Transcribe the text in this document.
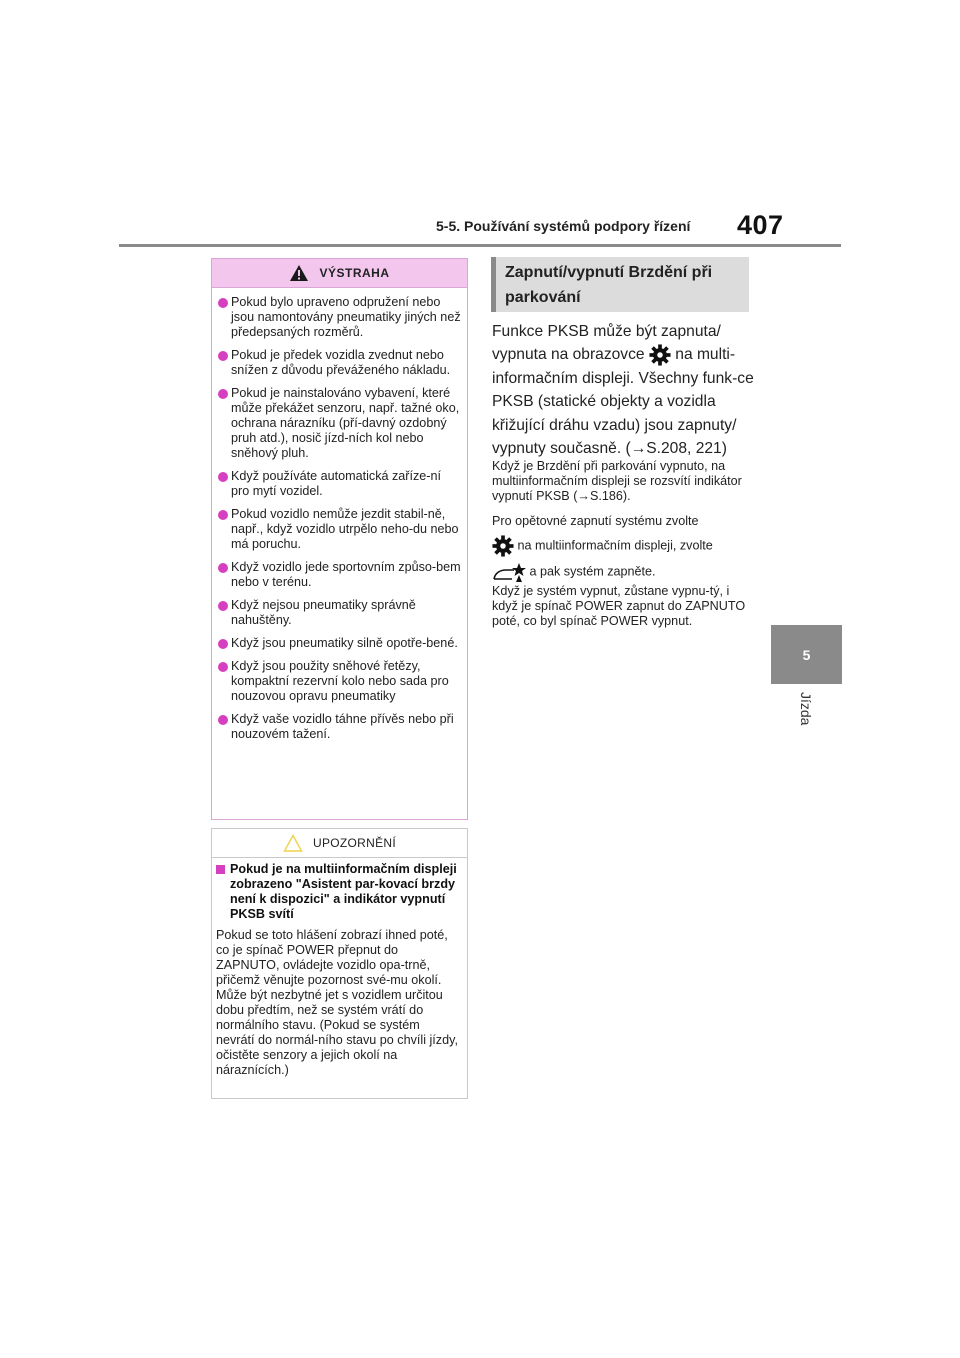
5-5. Používání systémů podpory řízení	407
5
Jízda
VÝSTRAHA
Pokud bylo upraveno odpružení nebo jsou namontovány pneumatiky jiných než předepsaných rozměrů.
Pokud je předek vozidla zvednut nebo snížen z důvodu převáženého nákladu.
Pokud je nainstalováno vybavení, které může překážet senzoru, např. tažné oko, ochrana nárazníku (pří-davný ozdobný pruh atd.), nosič jízd-ních kol nebo sněhový pluh.
Když používáte automatická zaříze-ní pro mytí vozidel.
Pokud vozidlo nemůže jezdit stabil-ně, např., když vozidlo utrpělo neho-du nebo má poruchu.
Když vozidlo jede sportovním způso-bem nebo v terénu.
Když nejsou pneumatiky správně nahuštěny.
Když jsou pneumatiky silně opotře-bené.
Když jsou použity sněhové řetězy, kompaktní rezervní kolo nebo sada pro nouzovou opravu pneumatiky
Když vaše vozidlo táhne přívěs nebo při nouzovém tažení.
UPOZORNĚNÍ
Pokud je na multiinformačním displeji zobrazeno "Asistent par-kovací brzdy není k dispozici" a indikátor vypnutí PKSB svítí
Pokud se toto hlášení zobrazí ihned poté, co je spínač POWER přepnut do ZAPNUTO, ovládejte vozidlo opa-trně, přičemž věnujte pozornost své-mu okolí. Může být nezbytné jet s vozidlem určitou dobu předtím, než se systém vrátí do normálního stavu. (Pokud se systém nevrátí do normál-ního stavu po chvíli jízdy, očistěte senzory a jejich okolí na náraznících.)
Zapnutí/vypnutí Brzdění při parkování
Funkce PKSB může být zapnuta/ vypnuta na obrazovce na multi-informačním displeji. Všechny funk-ce PKSB (statické objekty a vozidla křižující dráhu vzadu) jsou zapnuty/ vypnuty současně. (→S.208, 221)
Když je Brzdění při parkování vypnuto, na multiinformačním displeji se rozsvítí indikátor vypnutí PKSB (→S.186).
Pro opětovné zapnutí systému zvolte
na multiinformačním displeji, zvolte
a pak systém zapněte.
Když je systém vypnut, zůstane vypnu-tý, i když je spínač POWER zapnut do ZAPNUTO poté, co byl spínač POWER vypnut.
